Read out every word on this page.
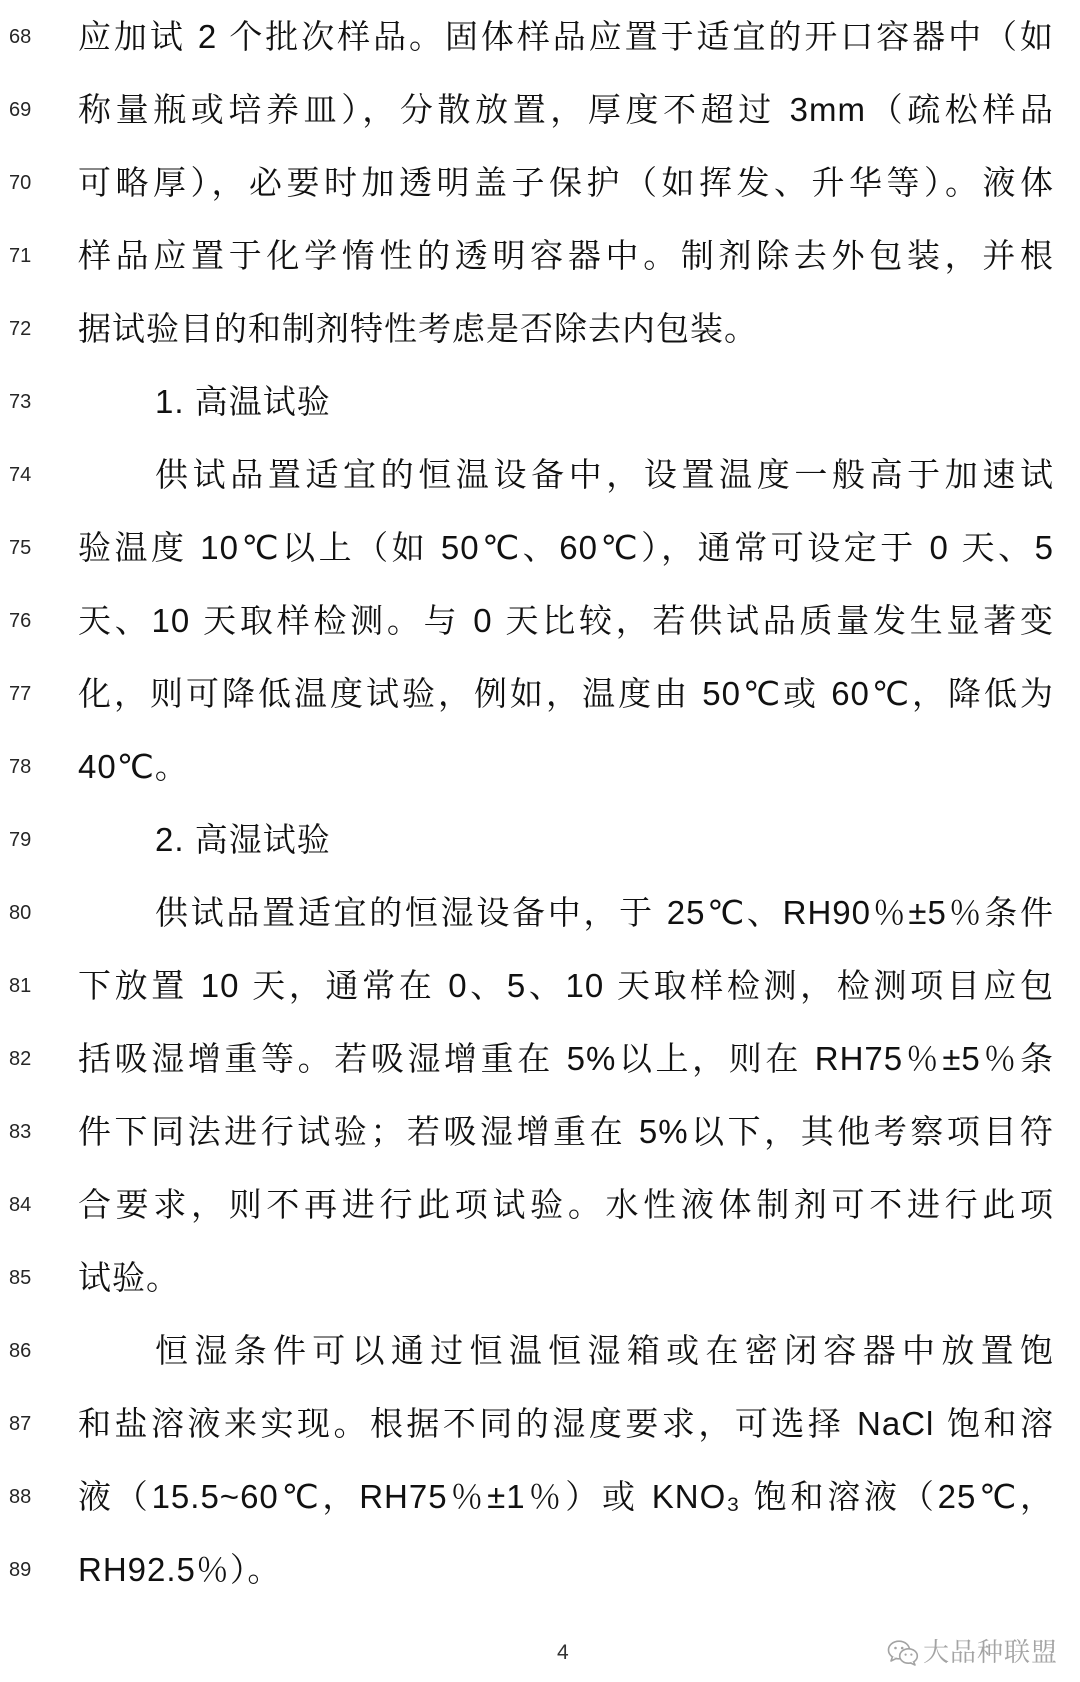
68 应加试 2 个批次样品。固体样品应置于适宜的开口容器中（如
69 称量瓶或培养皿），分散放置，厚度不超过 3mm（疏松样品
70 可略厚），必要时加透明盖子保护（如挥发、升华等）。液体
71 样品应置于化学惰性的透明容器中。制剂除去外包装，并根
72 据试验目的和制剂特性考虑是否除去内包装。
73	1. 高温试验
74	供试品置适宜的恒温设备中，设置温度一般高于加速试
75 验温度 10℃以上（如 50℃、60℃），通常可设定于 0 天、5
76 天、10 天取样检测。与 0 天比较，若供试品质量发生显著变
77 化，则可降低温度试验，例如，温度由 50℃或 60℃，降低为
78 40℃。
79	2. 高湿试验
80	供试品置适宜的恒湿设备中，于 25℃、RH90％±5％条件
81 下放置 10 天，通常在 0、5、10 天取样检测，检测项目应包
82 括吸湿增重等。若吸湿增重在 5%以上，则在 RH75％±5％条
83 件下同法进行试验；若吸湿增重在 5%以下，其他考察项目符
84 合要求，则不再进行此项试验。水性液体制剂可不进行此项
85 试验。
86	恒湿条件可以通过恒温恒湿箱或在密闭容器中放置饱
87 和盐溶液来实现。根据不同的湿度要求，可选择 NaCl 饱和溶
88 液（15.5~60℃，RH75％±1％）或 KNO₃ 饱和溶液（25℃，
89 RH92.5％）。
4	大品种联盟
